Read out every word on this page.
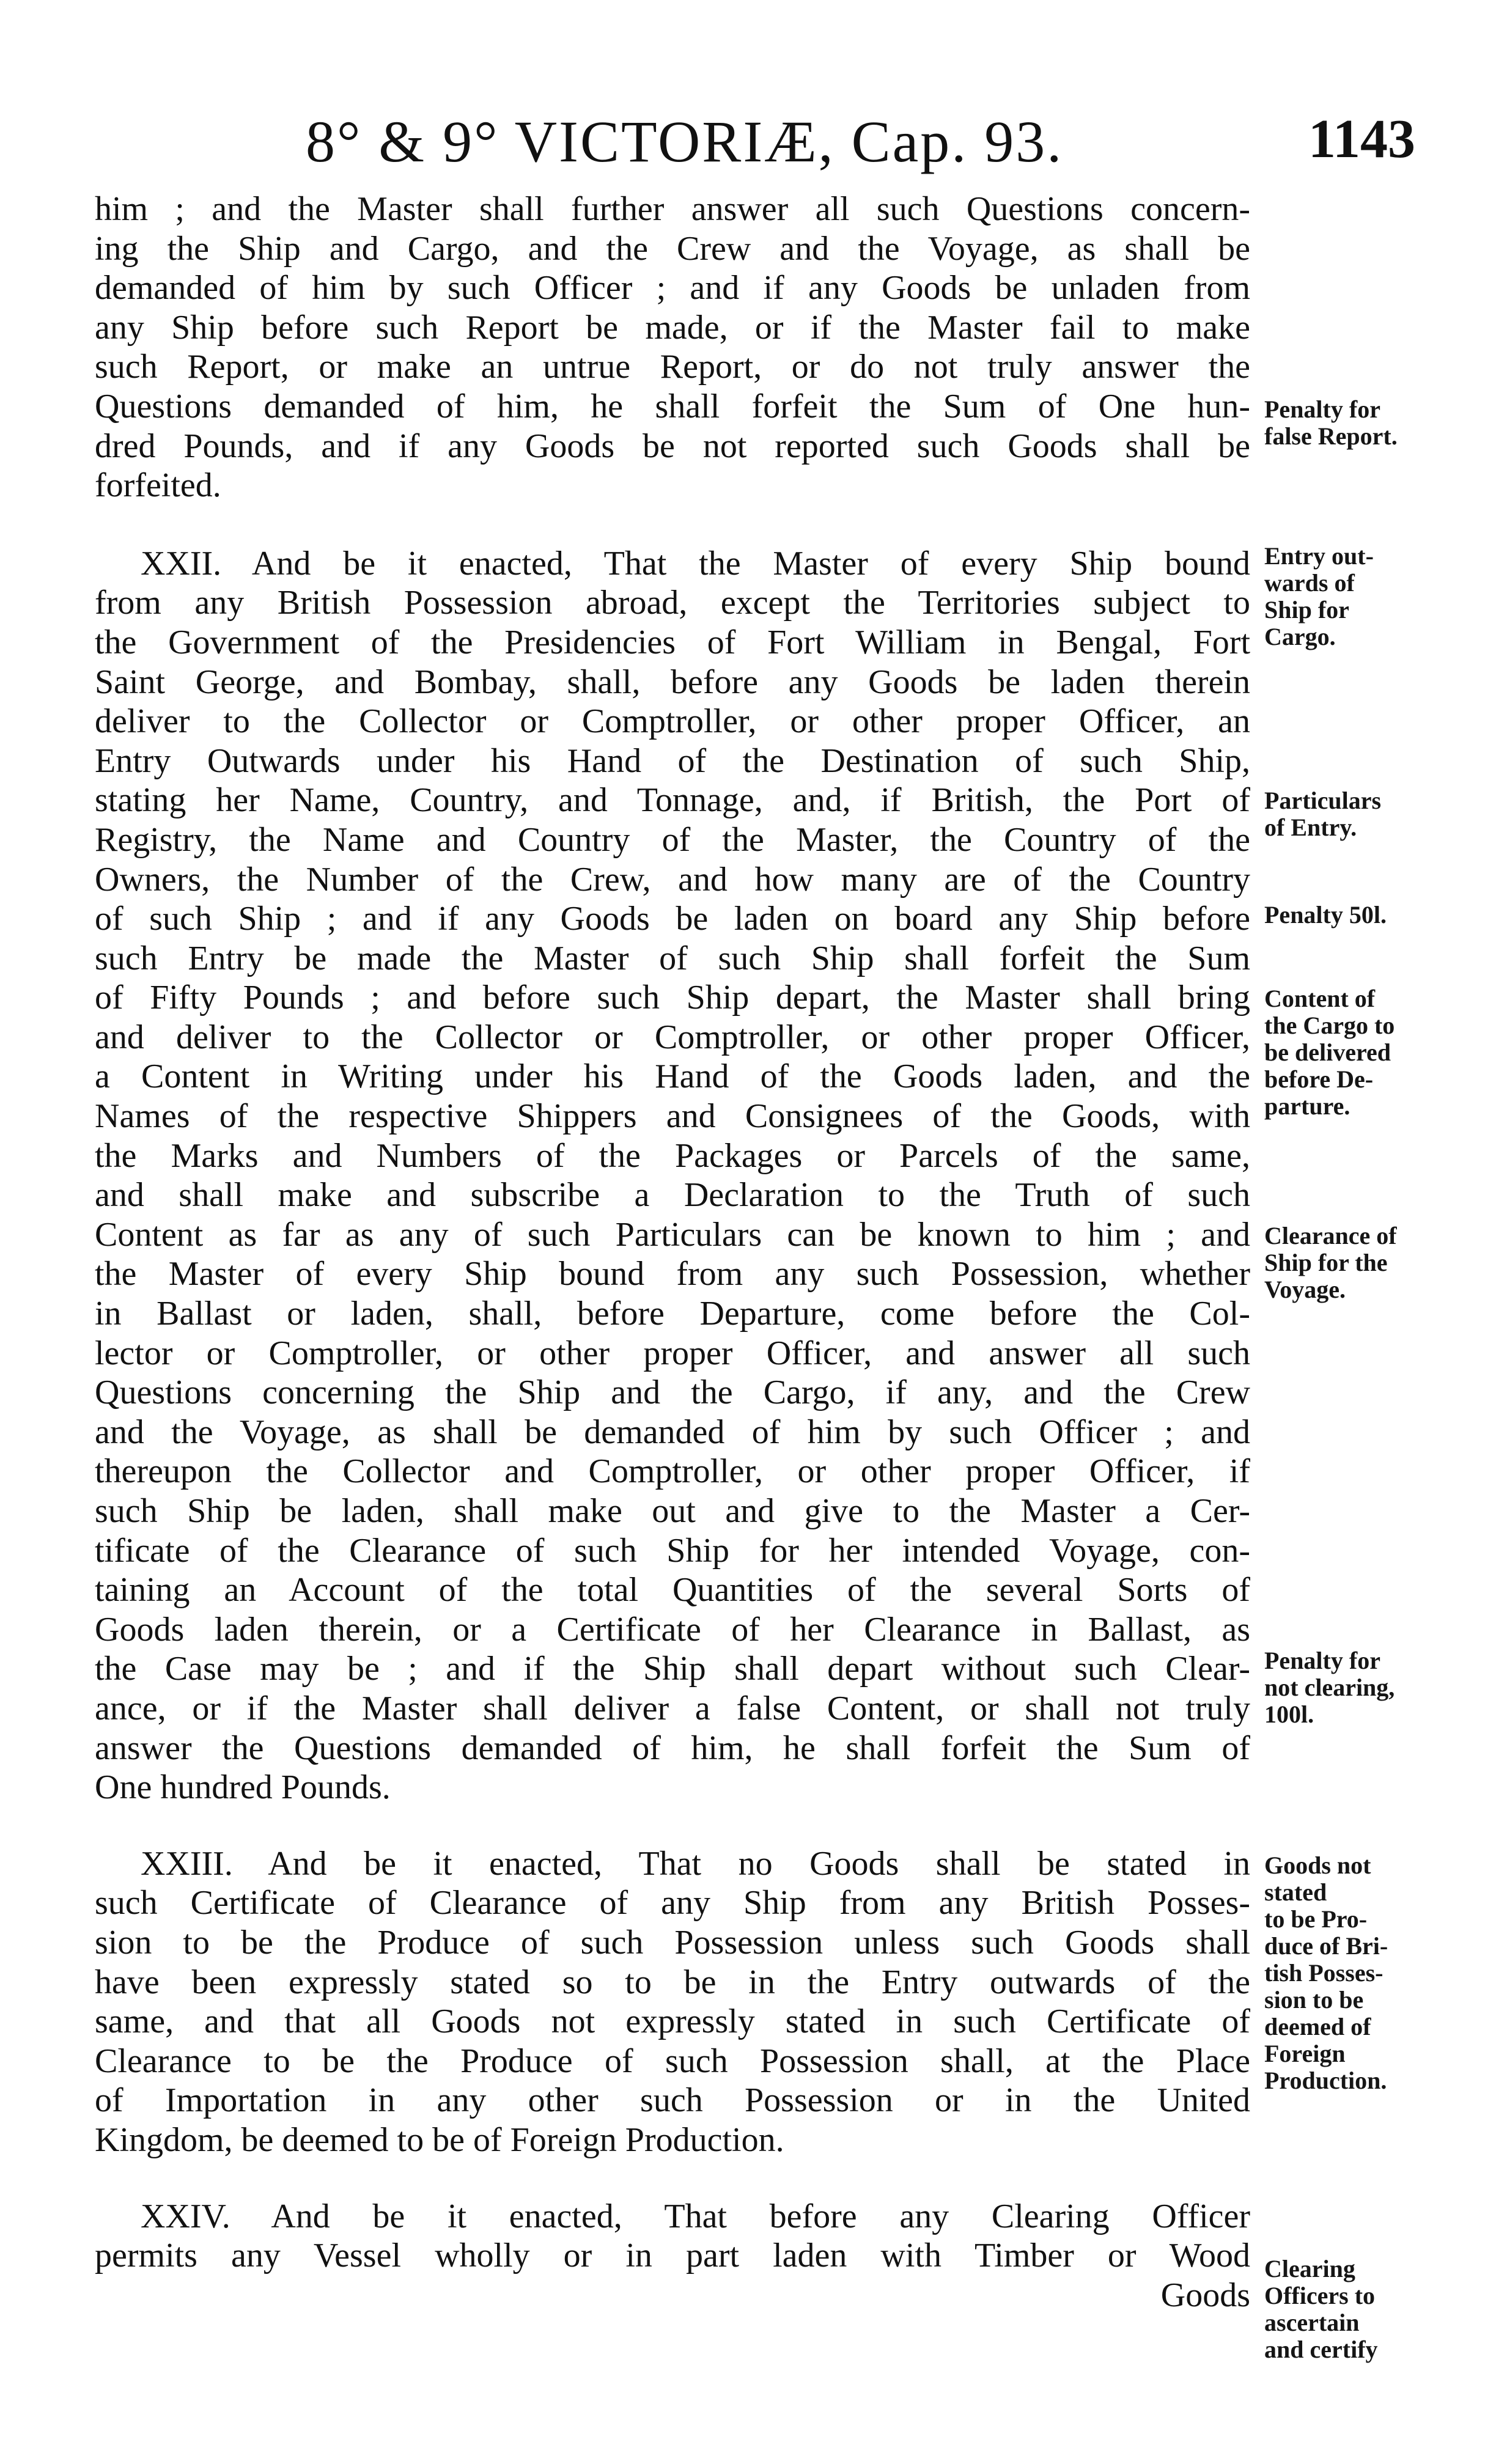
8° & 9° VICTORIÆ, Cap. 93.	1143
him ; and the Master shall further answer all such Questions concern-
ing the Ship and Cargo, and the Crew and the Voyage, as shall be
demanded of him by such Officer ; and if any Goods be unladen from
any Ship before such Report be made, or if the Master fail to make
such Report, or make an untrue Report, or do not truly answer the
Questions demanded of him, he shall forfeit the Sum of One hun-
dred Pounds, and if any Goods be not reported such Goods shall be
forfeited.
XXII. And be it enacted, That the Master of every Ship bound
from any British Possession abroad, except the Territories subject to
the Government of the Presidencies of Fort William in Bengal, Fort
Saint George, and Bombay, shall, before any Goods be laden therein
deliver to the Collector or Comptroller, or other proper Officer, an
Entry Outwards under his Hand of the Destination of such Ship,
stating her Name, Country, and Tonnage, and, if British, the Port of
Registry, the Name and Country of the Master, the Country of the
Owners, the Number of the Crew, and how many are of the Country
of such Ship ; and if any Goods be laden on board any Ship before
such Entry be made the Master of such Ship shall forfeit the Sum
of Fifty Pounds ; and before such Ship depart, the Master shall bring
and deliver to the Collector or Comptroller, or other proper Officer,
a Content in Writing under his Hand of the Goods laden, and the
Names of the respective Shippers and Consignees of the Goods, with
the Marks and Numbers of the Packages or Parcels of the same,
and shall make and subscribe a Declaration to the Truth of such
Content as far as any of such Particulars can be known to him ; and
the Master of every Ship bound from any such Possession, whether
in Ballast or laden, shall, before Departure, come before the Col-
lector or Comptroller, or other proper Officer, and answer all such
Questions concerning the Ship and the Cargo, if any, and the Crew
and the Voyage, as shall be demanded of him by such Officer ; and
thereupon the Collector and Comptroller, or other proper Officer, if
such Ship be laden, shall make out and give to the Master a Cer-
tificate of the Clearance of such Ship for her intended Voyage, con-
taining an Account of the total Quantities of the several Sorts of
Goods laden therein, or a Certificate of her Clearance in Ballast, as
the Case may be ; and if the Ship shall depart without such Clear-
ance, or if the Master shall deliver a false Content, or shall not truly
answer the Questions demanded of him, he shall forfeit the Sum of
One hundred Pounds.
XXIII. And be it enacted, That no Goods shall be stated in
such Certificate of Clearance of any Ship from any British Posses-
sion to be the Produce of such Possession unless such Goods shall
have been expressly stated so to be in the Entry outwards of the
same, and that all Goods not expressly stated in such Certificate of
Clearance to be the Produce of such Possession shall, at the Place
of Importation in any other such Possession or in the United
Kingdom, be deemed to be of Foreign Production.
XXIV. And be it enacted, That before any Clearing Officer
permits any Vessel wholly or in part laden with Timber or Wood
Goods
Penalty for
false Report.
Entry out-
wards of
Ship for
Cargo.
Particulars
of Entry.
Penalty 50l.
Content of
the Cargo to
be delivered
before De-
parture.
Clearance of
Ship for the
Voyage.
Penalty for
not clearing,
100l.
Goods not
stated
to be Pro-
duce of Bri-
tish Posses-
sion to be
deemed of
Foreign
Production.
Clearing
Officers to
ascertain
and certify
